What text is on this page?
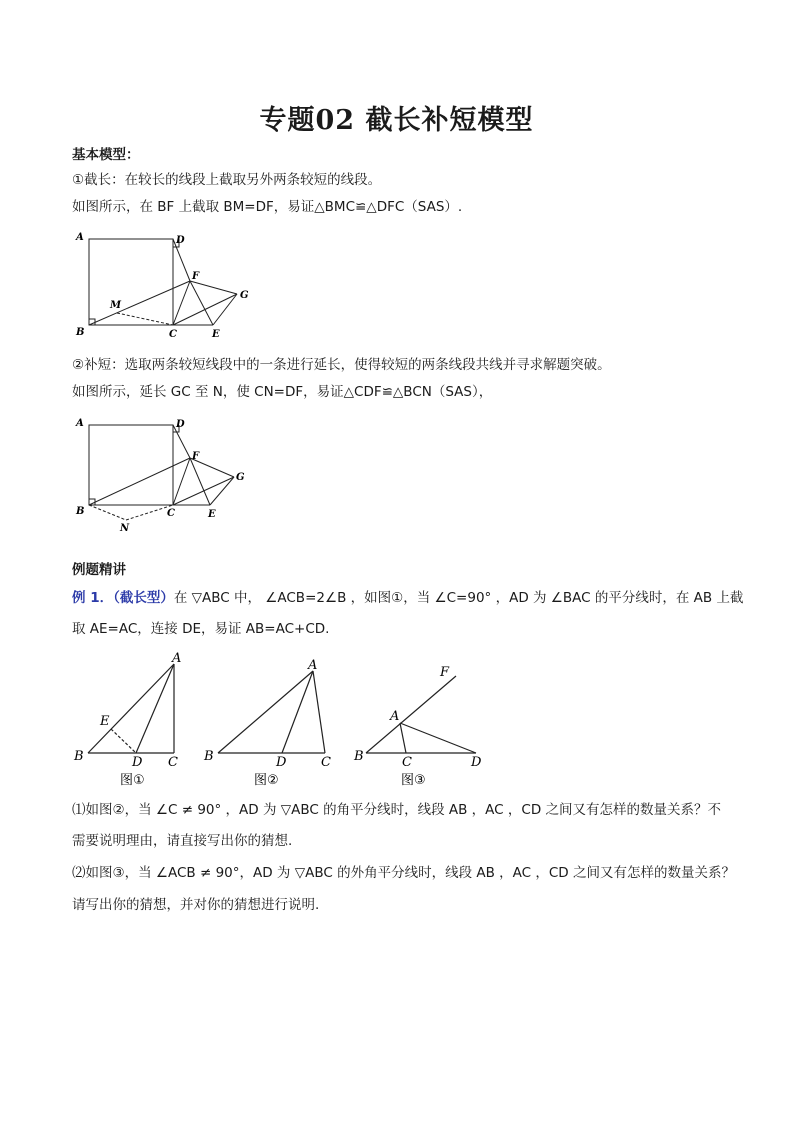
专题02 截长补短模型
基本模型：
①截长：在较长的线段上截取另外两条较短的线段。
如图所示，在 BF 上截取 BM=DF，易证△BMC≌△DFC（SAS）.
A	D
F
G
M
B	C	E
②补短：选取两条较短线段中的一条进行延长，使得较短的两条线段共线并寻求解题突破。
如图所示，延长 GC 至 N，使 CN=DF，易证△CDF≌△BCN（SAS），
A	D
F
G
B	C	E
N
例题精讲
例 1．（截长型）在 ▽ABC 中， ∠ACB=2∠B ，如图①，当 ∠C=90° ，AD 为 ∠BAC 的平分线时，在 AB 上截
取 AE=AC，连接 DE，易证 AB=AC+CD.
A
E
B	D C
图①
A
B	D	C
图②
F
A
B	C	D
图③
⑴如图②，当 ∠C ≠ 90° ，AD 为 ▽ABC 的角平分线时，线段 AB ，AC ，CD 之间又有怎样的数量关系？不
需要说明理由，请直接写出你的猜想.
⑵如图③，当 ∠ACB ≠ 90°，AD 为 ▽ABC 的外角平分线时，线段 AB ，AC ，CD 之间又有怎样的数量关系？
请写出你的猜想，并对你的猜想进行说明.
